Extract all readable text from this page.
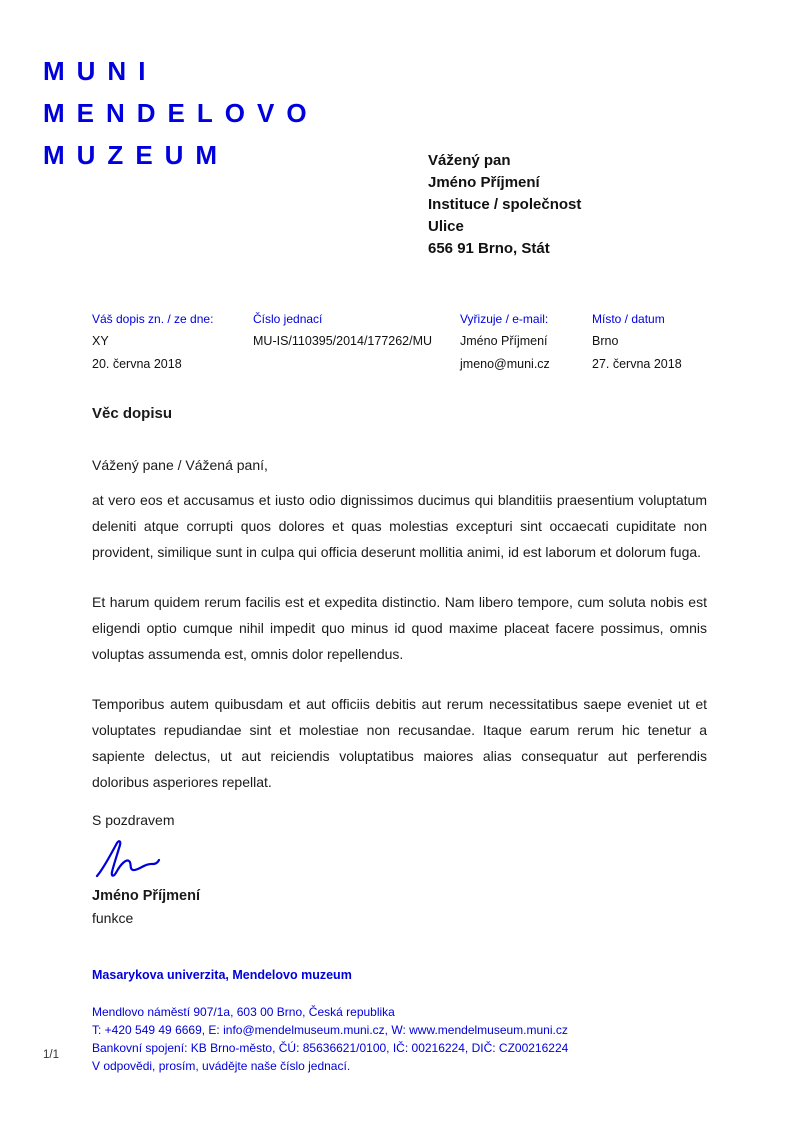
MUNI
MENDELOVO
MUZEUM	Vážený pan
Jméno Příjmení
Instituce / společnost
Ulice
656 91 Brno, Stát
Váš dopis zn. / ze dne:
XY
20. června 2018
Číslo jednací
MU-IS/110395/2014/177262/MU
Vyřizuje / e-mail:
Jméno Příjmení
jmeno@muni.cz
Místo / datum
Brno
27. června 2018
Věc dopisu
Vážený pane / Vážená paní,

at vero eos et accusamus et iusto odio dignissimos ducimus qui blanditiis praesentium voluptatum deleniti atque corrupti quos dolores et quas molestias excepturi sint occaecati cupiditate non provident, similique sunt in culpa qui officia deserunt mollitia animi, id est laborum et dolorum fuga.

Et harum quidem rerum facilis est et expedita distinctio. Nam libero tempore, cum soluta nobis est eligendi optio cumque nihil impedit quo minus id quod maxime placeat facere possimus, omnis voluptas assumenda est, omnis dolor repellendus.

Temporibus autem quibusdam et aut officiis debitis aut rerum necessitatibus saepe eveniet ut et voluptates repudiandae sint et molestiae non recusandae. Itaque earum rerum hic tenetur a sapiente delectus, ut aut reiciendis voluptatibus maiores alias consequatur aut perferendis doloribus asperiores repellat.

S pozdravem
Jméno Příjmení
funkce
Masarykova univerzita, Mendelovo muzeum
Mendlovo náměstí 907/1a, 603 00 Brno, Česká republika
T: +420 549 49 6669, E: info@mendelmuseum.muni.cz, W: www.mendelmuseum.muni.cz
Bankovní spojení: KB Brno-město, ČÚ: 85636621/0100, IČ: 00216224, DIČ: CZ00216224
V odpovědi, prosím, uvádějte naše číslo jednací.
1/1
